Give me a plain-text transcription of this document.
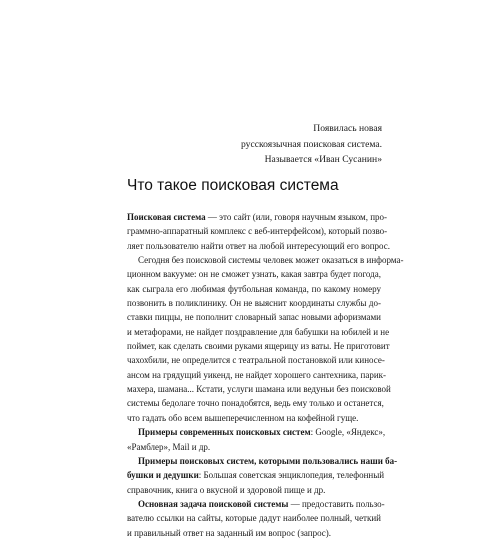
Появилась новая
русскоязычная поисковая система.
Называется «Иван Сусанин»
Что такое поисковая система
Поисковая система — это сайт (или, говоря научным языком, про-
граммно-аппаратный комплекс с веб-интерфейсом), который позво-
ляет пользователю найти ответ на любой интересующий его вопрос.
Сегодня без поисковой системы человек может оказаться в информа-
ционном вакууме: он не сможет узнать, какая завтра будет погода,
как сыграла его любимая футбольная команда, по какому номеру
позвонить в поликлинику. Он не выяснит координаты службы до-
ставки пиццы, не пополнит словарный запас новыми афоризмами
и метафорами, не найдет поздравление для бабушки на юбилей и не
поймет, как сделать своими руками ящерицу из ваты. Не приготовит
чахохбили, не определится с театральной постановкой или киносе-
ансом на грядущий уикенд, не найдет хорошего сантехника, парик-
махера, шамана... Кстати, услуги шамана или ведуньи без поисковой
системы бедолаге точно понадобятся, ведь ему только и останется,
что гадать обо всем вышеперечисленном на кофейной гуще.
Примеры современных поисковых систем: Google, «Яндекс»,
«Рамблер», Mail и др.
Примеры поисковых систем, которыми пользовались наши ба-
бушки и дедушки: Большая советская энциклопедия, телефонный
справочник, книга о вкусной и здоровой пище и др.
Основная задача поисковой системы — предоставить пользо-
вателю ссылки на сайты, которые дадут наиболее полный, четкий
и правильный ответ на заданный им вопрос (запрос).
